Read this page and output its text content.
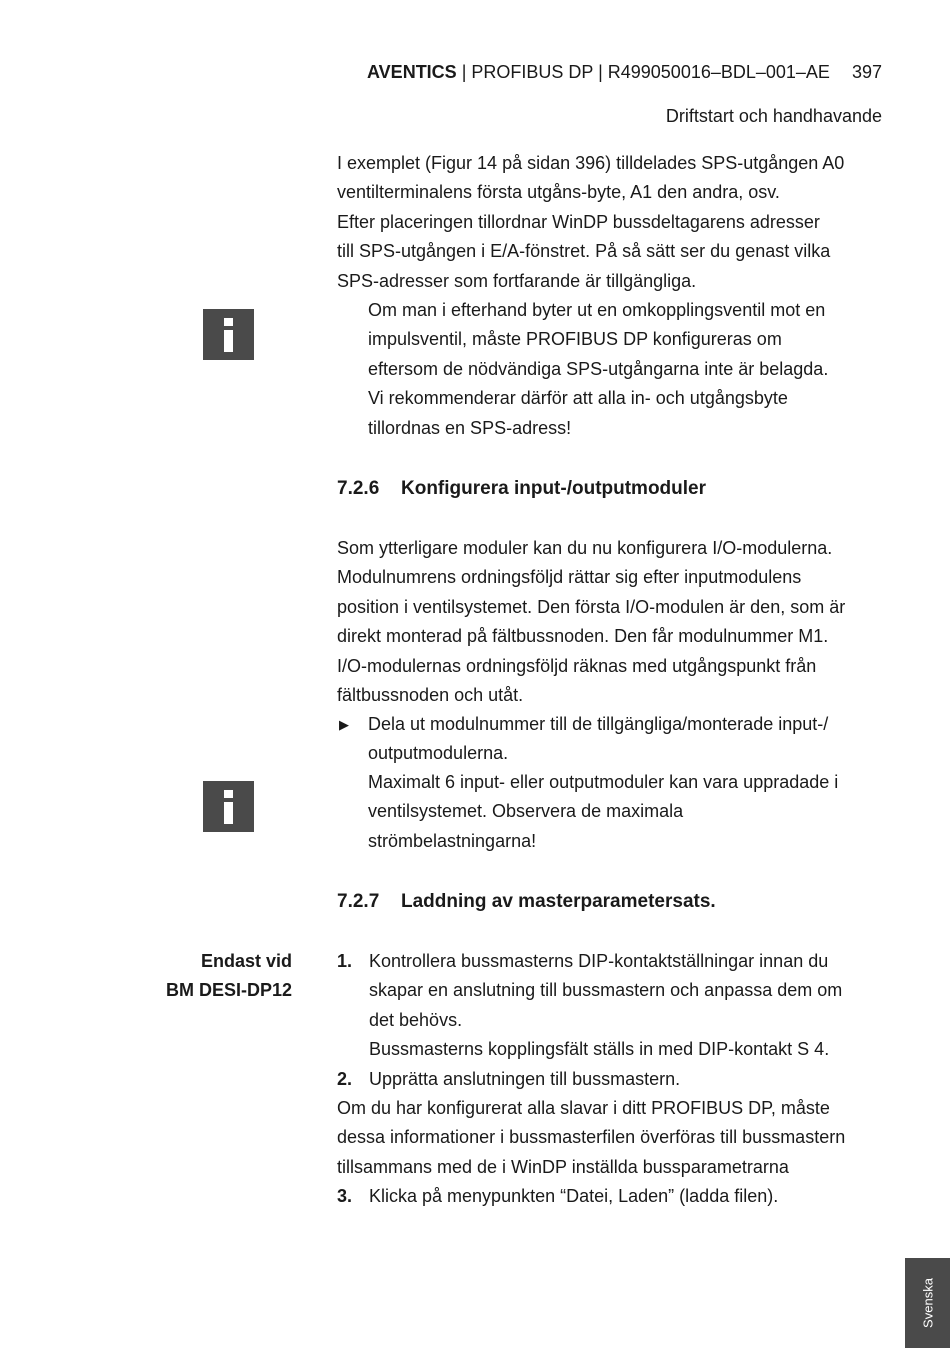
AVENTICS | PROFIBUS DP | R499050016–BDL–001–AE 397
Driftstart och handhavande
I exemplet (Figur 14 på sidan 396) tilldelades SPS-utgången A0
ventilterminalens första utgåns-byte, A1 den andra, osv.
Efter placeringen tillordnar WinDP bussdeltagarens adresser
till SPS-utgången i E/A-fönstret. På så sätt ser du genast vilka
SPS-adresser som fortfarande är tillgängliga.
Om man i efterhand byter ut en omkopplingsventil mot en
impulsventil, måste PROFIBUS DP konfigureras om
eftersom de nödvändiga SPS-utgångarna inte är belagda.
Vi rekommenderar därför att alla in- och utgångsbyte
tillordnas en SPS-adress!
7.2.6 Konfigurera input-/outputmoduler
Som ytterligare moduler kan du nu konfigurera I/O-modulerna.
Modulnumrens ordningsföljd rättar sig efter inputmodulens
position i ventilsystemet. Den första I/O-modulen är den, som är
direkt monterad på fältbussnoden. Den får modulnummer M1.
I/O-modulernas ordningsföljd räknas med utgångspunkt från
fältbussnoden och utåt.
▶ Dela ut modulnummer till de tillgängliga/monterade input-/
outputmodulerna.
Maximalt 6 input- eller outputmoduler kan vara uppradade i
ventilsystemet. Observera de maximala
strömbelastningarna!
7.2.7 Laddning av masterparametersats.
Endast vid
BM DESI-DP12
1. Kontrollera bussmasterns DIP-kontaktställningar innan du
skapar en anslutning till bussmastern och anpassa dem om
det behövs.
Bussmasterns kopplingsfält ställs in med DIP-kontakt S 4.
2. Upprätta anslutningen till bussmastern.
Om du har konfigurerat alla slavar i ditt PROFIBUS DP, måste
dessa informationer i bussmasterfilen överföras till bussmastern
tillsammans med de i WinDP inställda bussparametrarna
3. Klicka på menypunkten “Datei, Laden” (ladda filen).
Svenska
